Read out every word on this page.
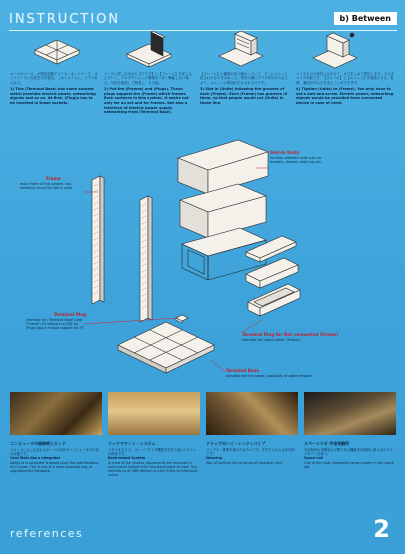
INSTRUCTION	b) Between
オーエがベース、が配給試験アメリカ・ネットワーク、ネットワークに対応を示す場合。このシステムに、ジアスを入れる。
1) This (Terminal Base) has some sockets which provides electric power, networking signals and so on. At first, (Plug)s has to be inserted in those sockets.
ベースに差し込まれた【プラグ】に【フレーム】を差し込んでいく。プロダクションの関係がうまく機能しない場合、対応を統括して開発し、その他。
2) Put the (Frames) and (Plugs). These plugs support the (Frame) which frames Each surfaces in this system. It works not only for an act and for frames, but also a interface of electric power supply networking from (Terminal Base).
【フレーム】に溝部が切り換わっていて、そこにユニット化されたものをはめこむ。専用の溝にプラグが付けられており、ユニットの電源が生かされるのです。
3) Slot in (Units) following the grooves of each (Frame). Each (Frame) has grooves (0 them, so that people would cut (Units) in those line.
つくるものの形状に合わせて、ネジをしめて固定します。カスタマイズ可能です。【フレーム】と【ユニット】を接続させる。電源、通信信号などを送ることができます。
4) Tighten (Units) to (Frame). You only have to set a bolt and screw. Electric power, networking signals would be provided from connected device in case of need.
Frame
main frame of this system, has electrical circuit for slot in units
Slot-in Units
function-oriented units such as drawers, shelves, table top etc.
Terminal Plug
interface for ('Terminal Base') and ('Frame') (F) connect to (T8) via (Plug) also a mutual support for (F)
Terminal Plug for Not connected (Frame)
interface for 'stand-alone' ('Frame')
Terminal Base
provides electric power, possibility of cable network
コンピュータの規格時入ロッド
スロットにさし込まれるカードの形状サコンピュータの出来の仕様です。
Card Slots like a integrator
Ability of a computer is based upon the specifications of IO cards. This is one of a more essential way of upgrading the hardware.
ラックマウント・システム
スタジオなどで、ロレーアウトで機器を収まる前のシステムの筐体です。
Rack-mount System
In most of the studios, equipments are mounted in rack-mount system from functional point of view. This reminds us of (IBM Weltron & Ir-BI) in the architectural scene.
ドラッグのハイ・レンクンパイプ
コンテナ・倉庫を連のためのパイプ、手すりの元々は多目的です。
Weaving
Way of jointing the structure of container rack.
スペースラボ 宇宙実験所
宇宙船内の実験室は空間である機能を効率的に組みあわせてパターンを持つ。
Space Lab
One of the most integrated sense system in the space lab.
references	2
